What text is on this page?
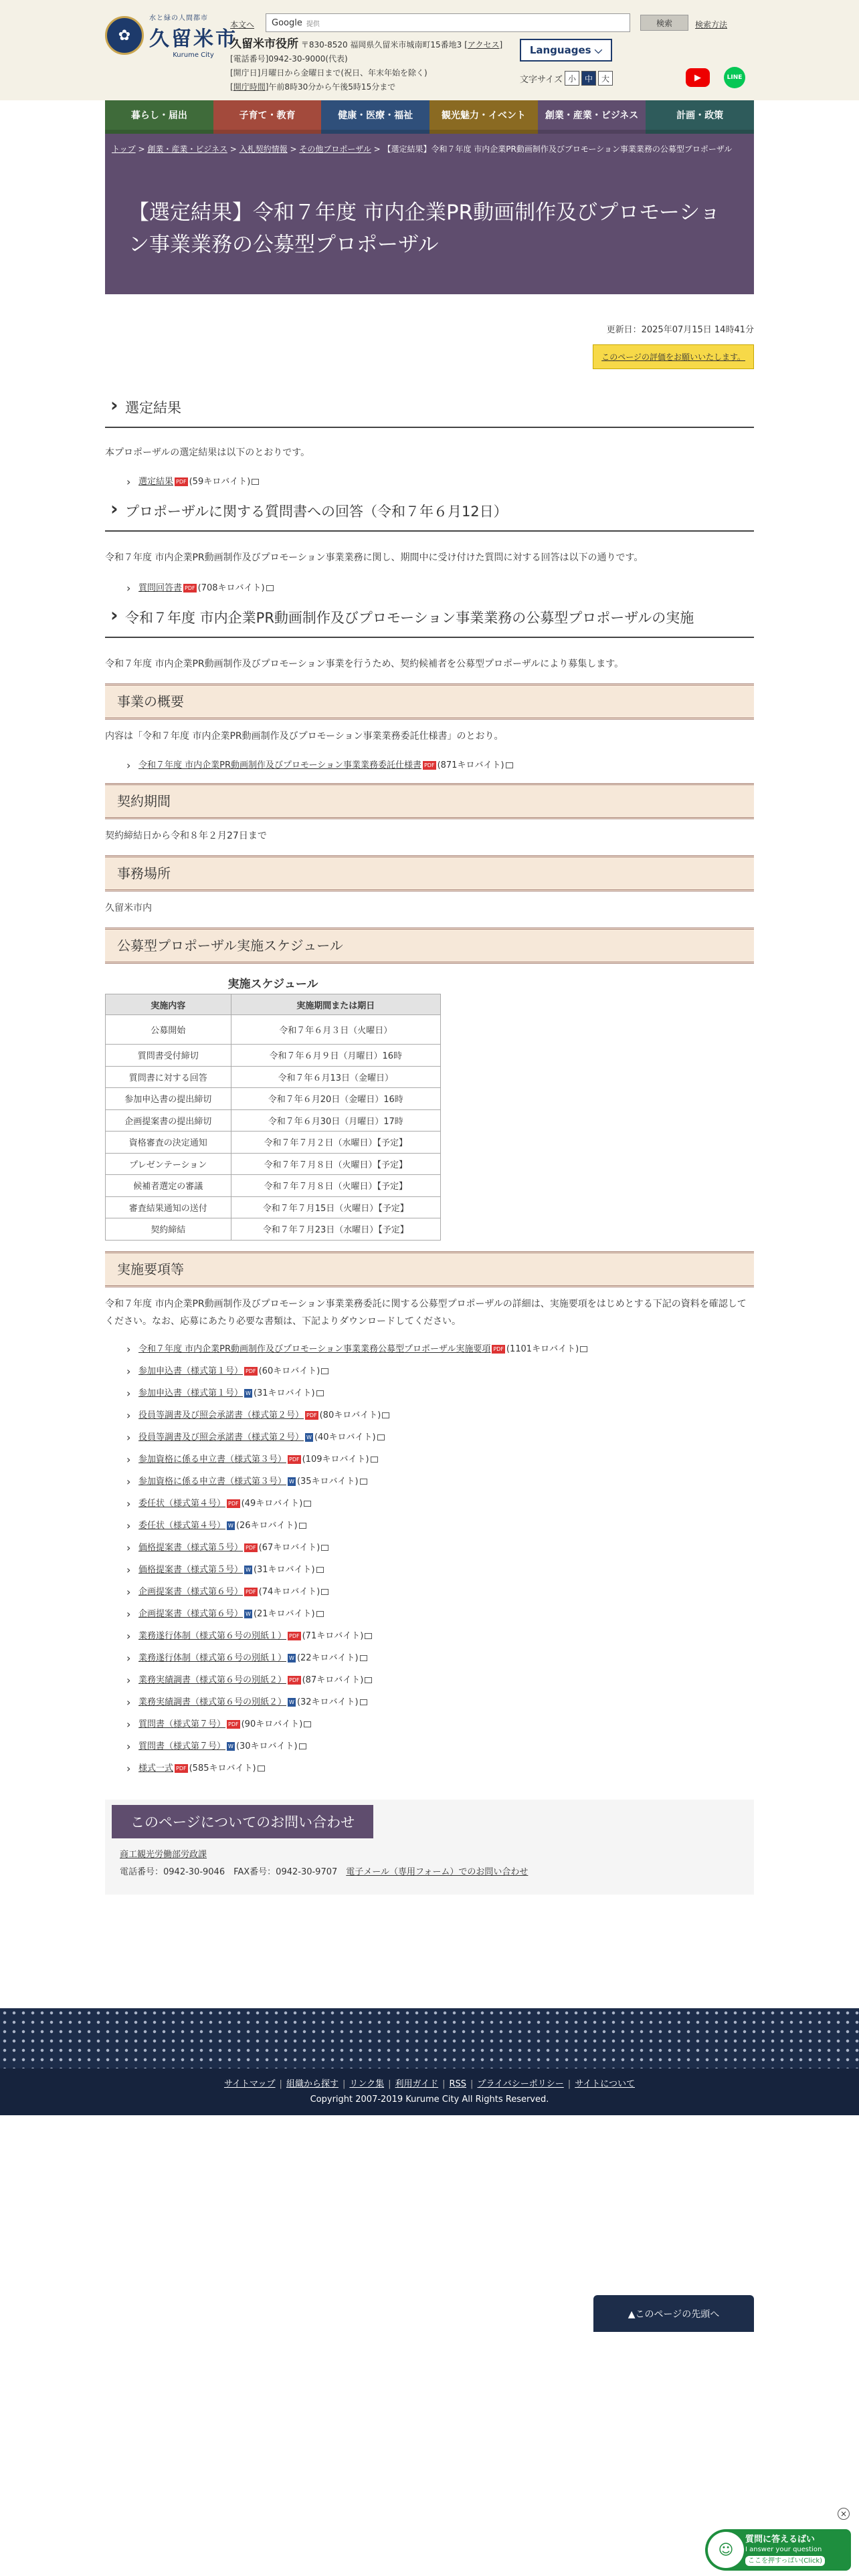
✿
水と緑の人間都市
久留米市
Kurume City
本文へ Google 提供	検索	検索方法
久留米市役所 〒830-8520 福岡県久留米市城南町15番地3 [アクセス]
[電話番号]0942-30-9000(代表)
[開庁日]月曜日から金曜日まで(祝日、年末年始を除く)
[開庁時間]午前8時30分から午後5時15分まで
Languages ⌵
文字サイズ 小	中	大	▶	LINE
暮らし・届出	子育て・教育	健康・医療・福祉	観光魅力・イベント	創業・産業・ビジネス	計画・政策
トップ > 創業・産業・ビジネス > 入札契約情報 > その他プロポーザル > 【選定結果】令和７年度 市内企業PR動画制作及びプロモーション事業業務の公募型プロポーザル
【選定結果】令和７年度 市内企業PR動画制作及びプロモーション事業業務の公募型プロポーザル
更新日：2025年07月15日 14時41分
このページの評価をお願いいたします。
› 選定結果

本プロポーザルの選定結果は以下のとおりです。

› 選定結果 PDF (59キロバイト)
› プロポーザルに関する質問書への回答（令和７年６月12日）

令和７年度 市内企業PR動画制作及びプロモーション事業業務に関し、期間中に受け付けた質問に対する回答は以下の通りです。

› 質問回答書 PDF (708キロバイト)
› 令和７年度 市内企業PR動画制作及びプロモーション事業業務の公募型プロポーザルの実施

令和７年度 市内企業PR動画制作及びプロモーション事業を行うため、契約候補者を公募型プロポーザルにより募集します。

事業の概要

内容は「令和７年度 市内企業PR動画制作及びプロモーション事業業務委託仕様書」のとおり。

› 令和７年度 市内企業PR動画制作及びプロモーション事業業務委託仕様書 PDF (871キロバイト)
契約期間

契約締結日から令和８年２月27日まで

事務場所

久留米市内

公募型プロポーザル実施スケジュール
実施スケジュール
実施内容	実施期間または期日
公募開始	令和７年６月３日（火曜日）
質問書受付締切	令和７年６月９日（月曜日）16時
質問書に対する回答	令和７年６月13日（金曜日）
参加申込書の提出締切	令和７年６月20日（金曜日）16時
企画提案書の提出締切	令和７年６月30日（月曜日）17時
資格審査の決定通知	令和７年７月２日（水曜日）【予定】
プレゼンテーション	令和７年７月８日（火曜日）【予定】
候補者選定の審議	令和７年７月８日（火曜日）【予定】
審査結果通知の送付	令和７年７月15日（火曜日）【予定】
契約締結	令和７年７月23日（水曜日）【予定】
実施要項等

令和７年度 市内企業PR動画制作及びプロモーション事業業務委託に関する公募型プロポーザルの詳細は、実施要項をはじめとする下記の資料を確認してください。なお、応募にあたり必要な書類は、下記よりダウンロードしてください。

› 令和７年度 市内企業PR動画制作及びプロモーション事業業務公募型プロポーザル実施要項 PDF (1101キロバイト)
› 参加申込書（様式第１号） PDF (60キロバイト)
› 参加申込書（様式第１号） W (31キロバイト)
› 役員等調書及び照会承諾書（様式第２号） PDF (80キロバイト)
› 役員等調書及び照会承諾書（様式第２号） W (40キロバイト)
› 参加資格に係る申立書（様式第３号） PDF (109キロバイト)
› 参加資格に係る申立書（様式第３号） W (35キロバイト)
› 委任状（様式第４号） PDF (49キロバイト)
› 委任状（様式第４号） W (26キロバイト)
› 価格提案書（様式第５号） PDF (67キロバイト)
› 価格提案書（様式第５号） W (31キロバイト)
› 企画提案書（様式第６号） PDF (74キロバイト)
› 企画提案書（様式第６号） W (21キロバイト)
› 業務遂行体制（様式第６号の別紙１） PDF (71キロバイト)
› 業務遂行体制（様式第６号の別紙１） W (22キロバイト)
› 業務実績調書（様式第６号の別紙２） PDF (87キロバイト)
› 業務実績調書（様式第６号の別紙２） W (32キロバイト)
› 質問書（様式第７号） PDF (90キロバイト)
› 質問書（様式第７号） W (30キロバイト)
› 様式一式 PDF (585キロバイト)
このページについてのお問い合わせ
商工観光労働部労政課
電話番号：0942-30-9046　FAX番号：0942-30-9707　電子メール（専用フォーム）でのお問い合わせ
▲このページの先頭へ
サイトマップ | 組織から探す | リンク集 | 利用ガイド | RSS | プライバシーポリシー | サイトについて
Copyright 2007-2019 Kurume City All Rights Reserved.
×
☺
質問に答えるばい
I answer your question
ここを押すっばい(Click)
